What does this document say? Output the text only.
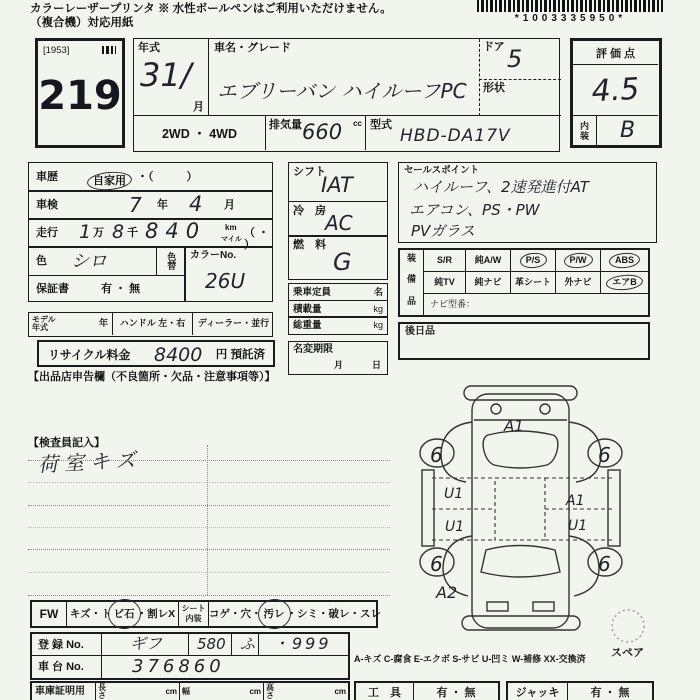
カラーレーザープリンタ ※ 水性ボールペンはご利用いただけません。
（複合機）対応用紙	*1003335950*
[1953]
219
年式
31/
月
車名・グレード
エブリーバン ハイルーフPC
ドア 5
形状
2WD ・ 4WD
排気量 660 cc 型式
HBD-DA17V
評 価 点
4.5
内装	B
車歴	自家用 ・（　　　）
車検	7 年 4 月
走行 1 万 8 千 840 km
マイル
（ ・ ）
色 シロ	色替 カラーNo.
26U
保証書	有 ・ 無
モデル年式	年	ハンドル 左・右	ディーラー・並行
リサイクル料金 8400 円 預託済
【出品店申告欄（不良箇所・欠品・注意事項等）】
シフト
IAT
冷　房 AC
燃　料
G
乗車定員	名
積載量	kg
総重量	kg
名変期限
月	日
セールスポイント
ハイルーフ、2速発進付AT
エアコン、PS・PW
PVガラス
装
備
品
S/R	純A/W	P/S	P/W	ABS
純TV	純ナビ	革シート	外ナビ	エアB
ナビ型番：
後日品
【検査員記入】
荷室キズ
A1
6	6
6	6
U1
U1
A1
U1
A2
スペア
FW	キズ・ト ビ石 ・割レX シート
内装 コゲ・穴・ 汚レ ・シミ・破レ・スレ
登 録 No.	ギフ	580 ふ	・999
車 台 No.	376860
車庫証明用	長さ	cm 幅	cm 高さ	cm
A-キズ C-腐食 E-エクボ S-サビ U-凹ミ W-補修 XX-交換済
工　具	有 ・ 無	ジャッキ	有 ・ 無
